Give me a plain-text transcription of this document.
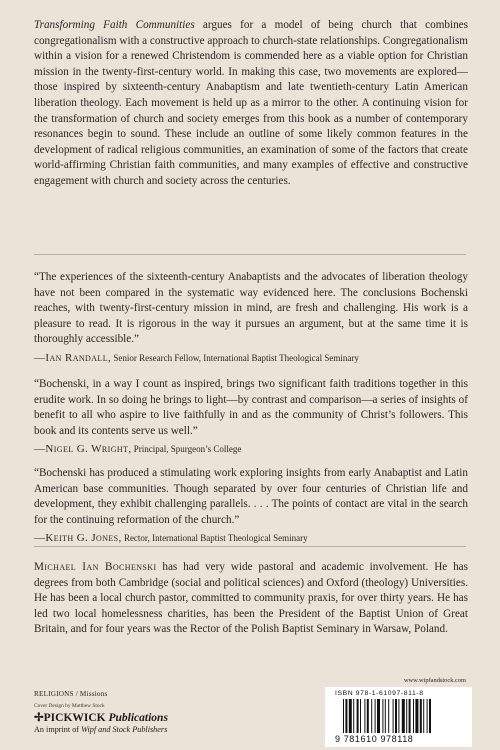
Transforming Faith Communities argues for a model of being church that combines congregationalism with a constructive approach to church-state relationships. Congregationalism within a vision for a renewed Christendom is commended here as a viable option for Christian mission in the twenty-first-century world. In making this case, two movements are explored—those inspired by sixteenth-century Anabaptism and late twentieth-century Latin American liberation theology. Each movement is held up as a mirror to the other. A continuing vision for the transformation of church and society emerges from this book as a number of contemporary resonances begin to sound. These include an outline of some likely common features in the development of radical religious communities, an examination of some of the factors that create world-affirming Christian faith communities, and many examples of effective and constructive engagement with church and society across the centuries.

“The experiences of the sixteenth-century Anabaptists and the advocates of liberation theology have not been compared in the systematic way evidenced here. The conclusions Bochenski reaches, with twenty-first-century mission in mind, are fresh and challenging. His work is a pleasure to read. It is rigorous in the way it pursues an argument, but at the same time it is thoroughly accessible.”
—Ian Randall, Senior Research Fellow, International Baptist Theological Seminary
“Bochenski, in a way I count as inspired, brings two significant faith traditions together in this erudite work. In so doing he brings to light—by contrast and comparison—a series of insights of benefit to all who aspire to live faithfully in and as the community of Christ’s followers. This book and its contents serve us well.”
—Nigel G. Wright, Principal, Spurgeon’s College
“Bochenski has produced a stimulating work exploring insights from early Anabaptist and Latin American base communities. Though separated by over four centuries of Christian life and development, they exhibit challenging parallels. . . . The points of contact are vital in the search for the continuing reformation of the church.”
—Keith G. Jones, Rector, International Baptist Theological Seminary

Michael Ian Bochenski has had very wide pastoral and academic involvement. He has degrees from both Cambridge (social and political sciences) and Oxford (theology) Universities. He has been a local church pastor, committed to community praxis, for over thirty years. He has led two local homelessness charities, has been the President of the Baptist Union of Great Britain, and for four years was the Rector of the Polish Baptist Seminary in Warsaw, Poland.

www.wipfandstock.com
RELIGIONS / Missions
Cover Design by Matthew Stock
✢PICKWICK Publications
An imprint of Wipf and Stock Publishers
ISBN 978-1-61097-811-8
9 781610 978118
